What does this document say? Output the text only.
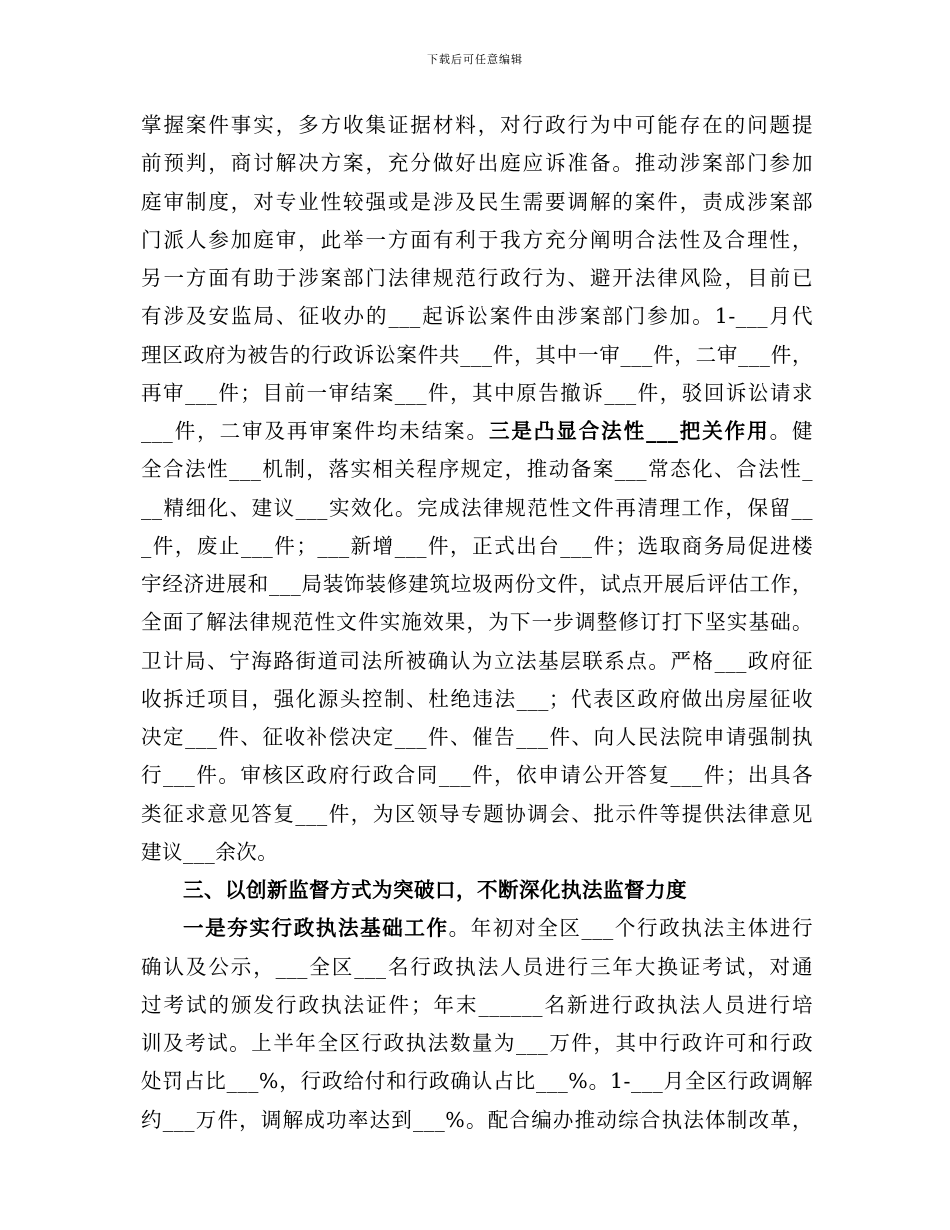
下载后可任意编辑
掌握案件事实，多方收集证据材料，对行政行为中可能存在的问题提
前预判，商讨解决方案，充分做好出庭应诉准备。推动涉案部门参加
庭审制度，对专业性较强或是涉及民生需要调解的案件，责成涉案部
门派人参加庭审，此举一方面有利于我方充分阐明合法性及合理性，
另一方面有助于涉案部门法律规范行政行为、避开法律风险，目前已
有涉及安监局、征收办的___起诉讼案件由涉案部门参加。1-___月代
理区政府为被告的行政诉讼案件共___件，其中一审___件，二审___件，
再审___件；目前一审结案___件，其中原告撤诉___件，驳回诉讼请求
___件，二审及再审案件均未结案。三是凸显合法性___把关作用。健
全合法性___机制，落实相关程序规定，推动备案___常态化、合法性_
__精细化、建议___实效化。完成法律规范性文件再清理工作，保留__
_件，废止___件；___新增___件，正式出台___件；选取商务局促进楼
宇经济进展和___局装饰装修建筑垃圾两份文件，试点开展后评估工作，
全面了解法律规范性文件实施效果，为下一步调整修订打下坚实基础。
卫计局、宁海路街道司法所被确认为立法基层联系点。严格___政府征
收拆迁项目，强化源头控制、杜绝违法___；代表区政府做出房屋征收
决定___件、征收补偿决定___件、催告___件、向人民法院申请强制执
行___件。审核区政府行政合同___件，依申请公开答复___件；出具各
类征求意见答复___件，为区领导专题协调会、批示件等提供法律意见
建议___余次。
三、以创新监督方式为突破口，不断深化执法监督力度
一是夯实行政执法基础工作。年初对全区___个行政执法主体进行
确认及公示，___全区___名行政执法人员进行三年大换证考试，对通
过考试的颁发行政执法证件；年末______名新进行政执法人员进行培
训及考试。上半年全区行政执法数量为___万件，其中行政许可和行政
处罚占比___%，行政给付和行政确认占比___%。1-___月全区行政调解
约___万件，调解成功率达到___%。配合编办推动综合执法体制改革，
